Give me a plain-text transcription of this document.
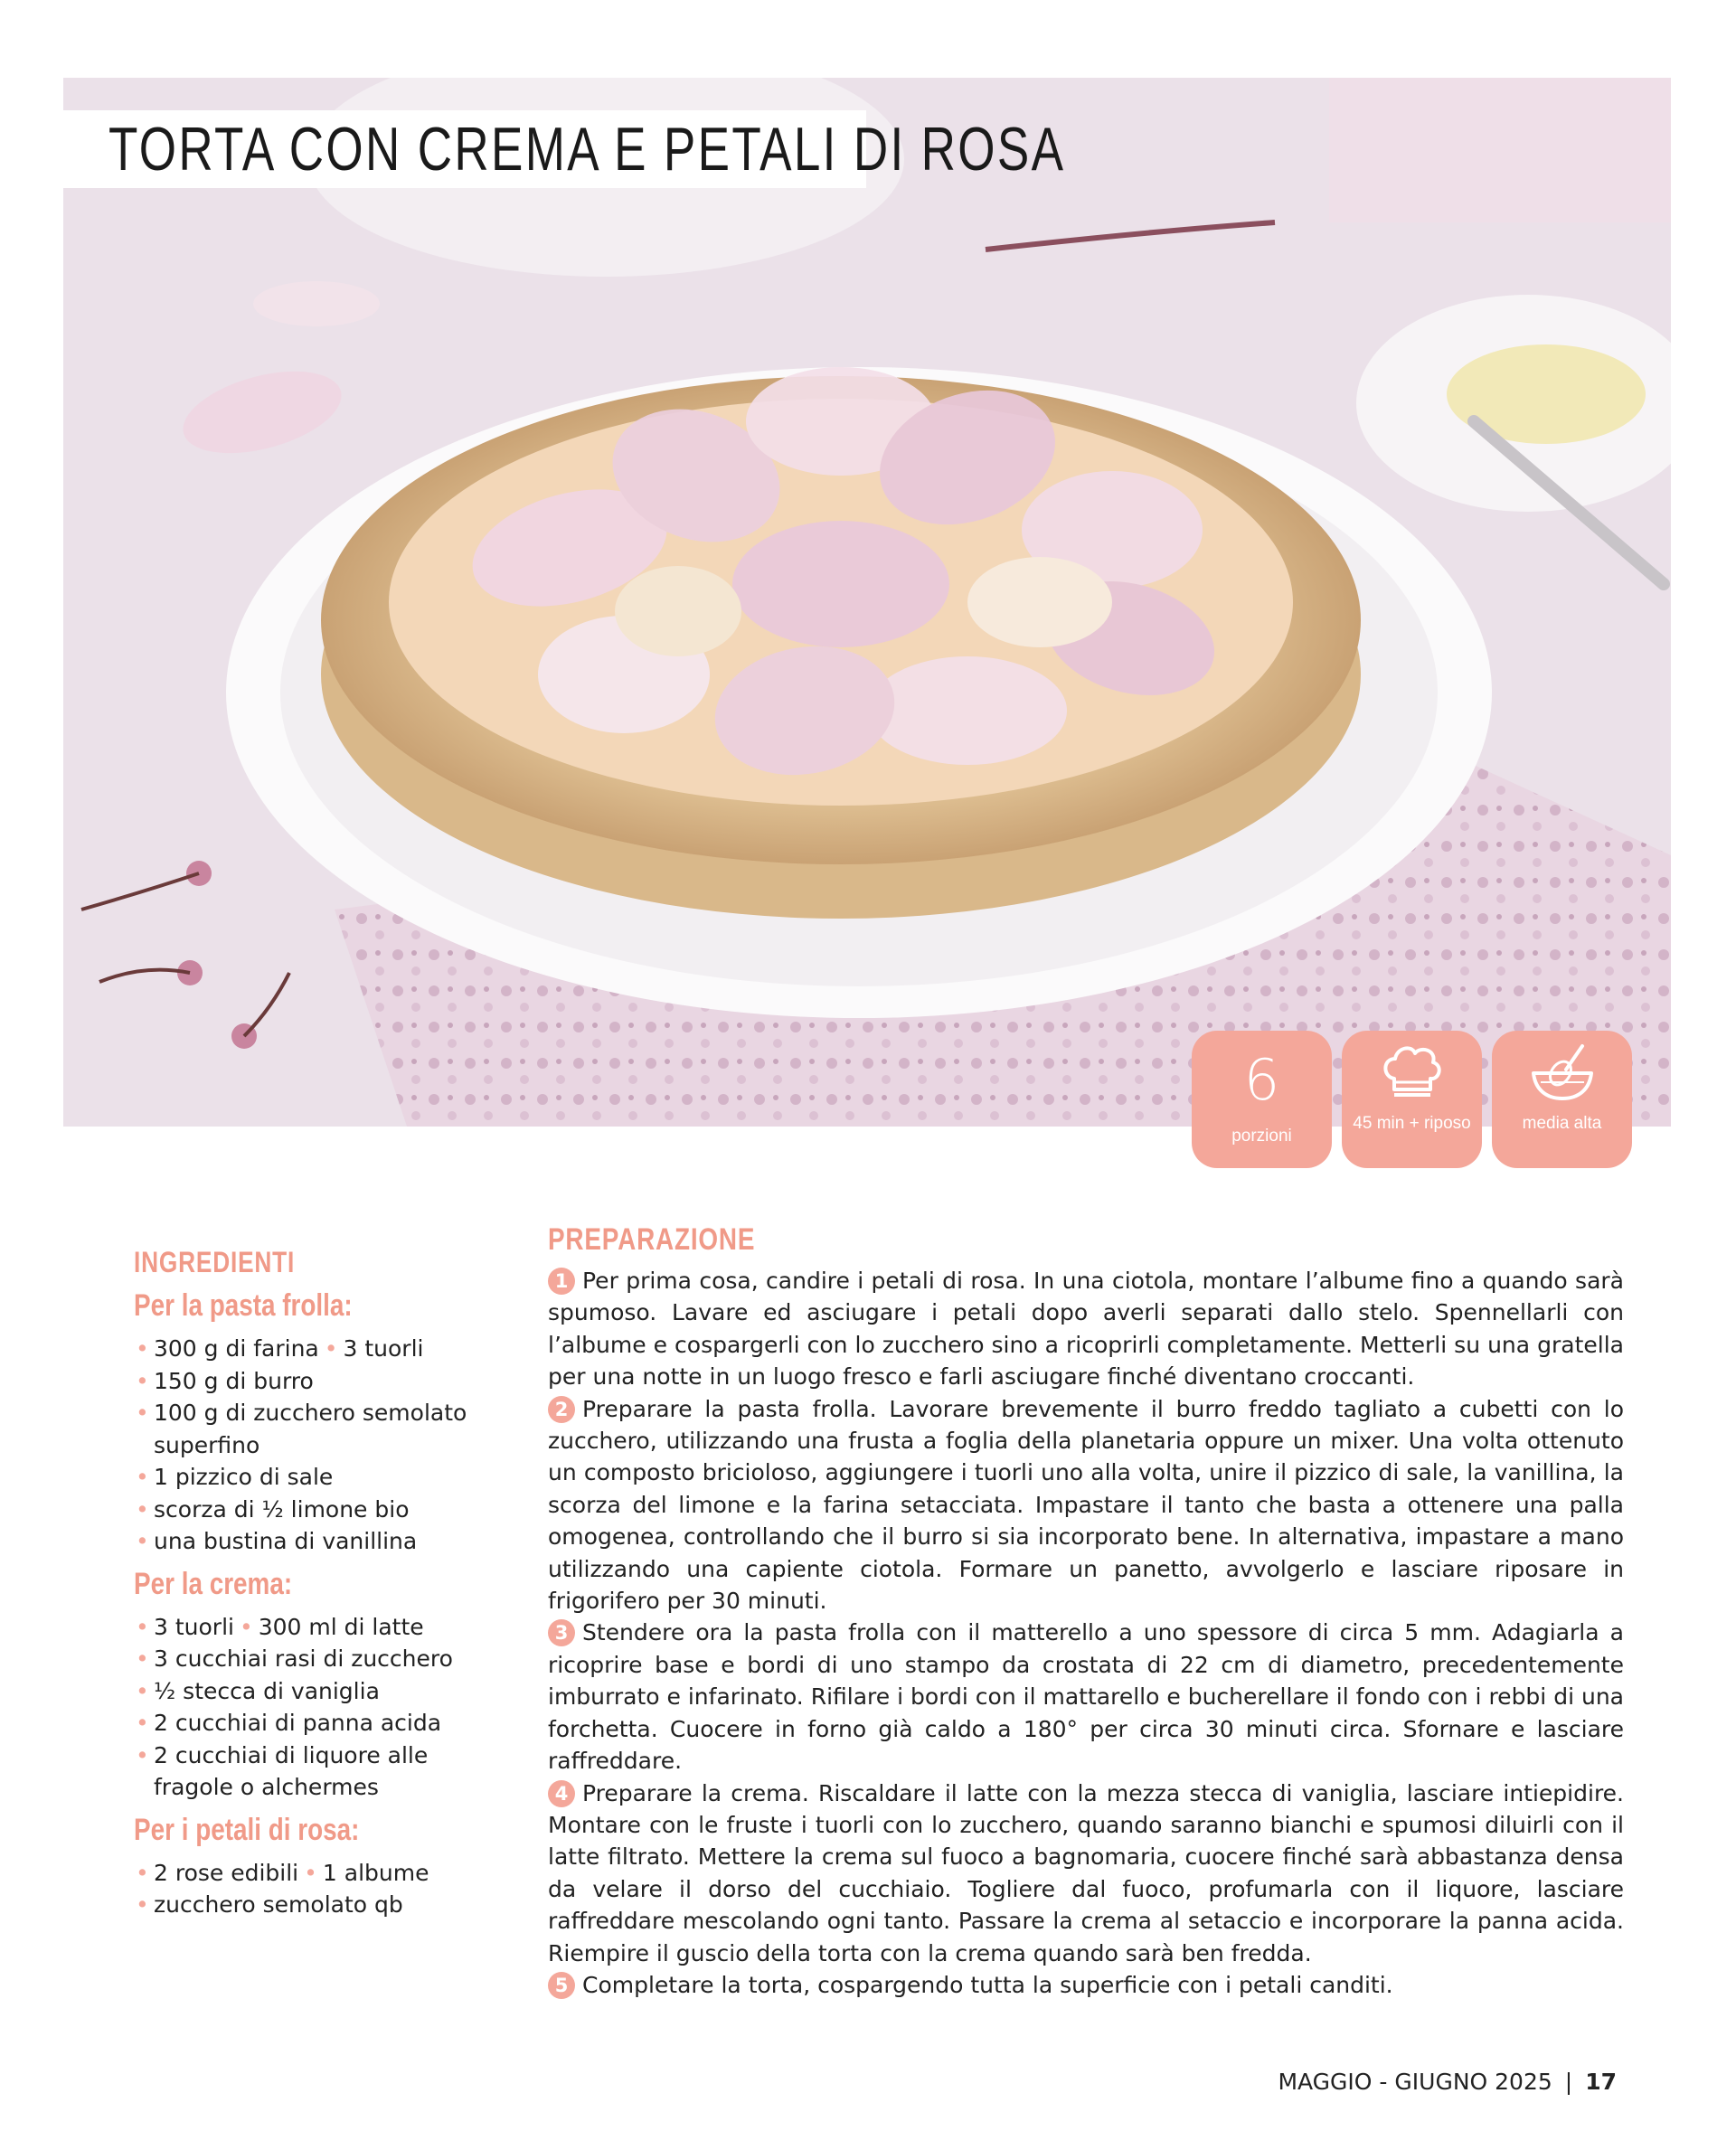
TORTA CON CREMA E PETALI DI ROSA
6
porzioni
45 min + riposo	media alta
INGREDIENTI
Per la pasta frolla:
• 300 g di farina • 3 tuorli
• 150 g di burro
• 100 g di zucchero semolato
superfino
• 1 pizzico di sale
• scorza di ½ limone bio
• una bustina di vanillina
Per la crema:
• 3 tuorli • 300 ml di latte
• 3 cucchiai rasi di zucchero
• ½ stecca di vaniglia
• 2 cucchiai di panna acida
• 2 cucchiai di liquore alle
fragole o alchermes
Per i petali di rosa:
• 2 rose edibili • 1 albume
• zucchero semolato qb
PREPARAZIONE
1 Per prima cosa, candire i petali di rosa. In una ciotola, montare l’albume fino a quando sarà spumoso. Lavare ed asciugare i petali dopo averli separati dallo stelo. Spennellarli con l’albume e cospargerli con lo zucchero sino a ricoprirli completamente. Metterli su una gratella per una notte in un luogo fresco e farli asciugare finché diventano croccanti.
2 Preparare la pasta frolla. Lavorare brevemente il burro freddo tagliato a cubetti con lo zucchero, utilizzando una frusta a foglia della planetaria oppure un mixer. Una volta ottenuto un composto bricioloso, aggiungere i tuorli uno alla volta, unire il pizzico di sale, la vanillina, la scorza del limone e la farina setacciata. Impastare il tanto che basta a ottenere una palla omogenea, controllando che il burro si sia incorporato bene. In alternativa, impastare a mano utilizzando una capiente ciotola. Formare un panetto, avvolgerlo e lasciare riposare in frigorifero per 30 minuti.
3 Stendere ora la pasta frolla con il matterello a uno spessore di circa 5 mm. Adagiarla a ricoprire base e bordi di uno stampo da crostata di 22 cm di diametro, precedentemente imburrato e infarinato. Rifilare i bordi con il mattarello e bucherellare il fondo con i rebbi di una forchetta. Cuocere in forno già caldo a 180° per circa 30 minuti circa. Sfornare e lasciare raffreddare.
4 Preparare la crema. Riscaldare il latte con la mezza stecca di vaniglia, lasciare intiepidire. Montare con le fruste i tuorli con lo zucchero, quando saranno bianchi e spumosi diluirli con il latte filtrato. Mettere la crema sul fuoco a bagnomaria, cuocere finché sarà abbastanza densa da velare il dorso del cucchiaio. Togliere dal fuoco, profumarla con il liquore, lasciare raffreddare mescolando ogni tanto. Passare la crema al setaccio e incorporare la panna acida. Riempire il guscio della torta con la crema quando sarà ben fredda.
5 Completare la torta, cospargendo tutta la superficie con i petali canditi.
MAGGIO - GIUGNO 2025 | 17
